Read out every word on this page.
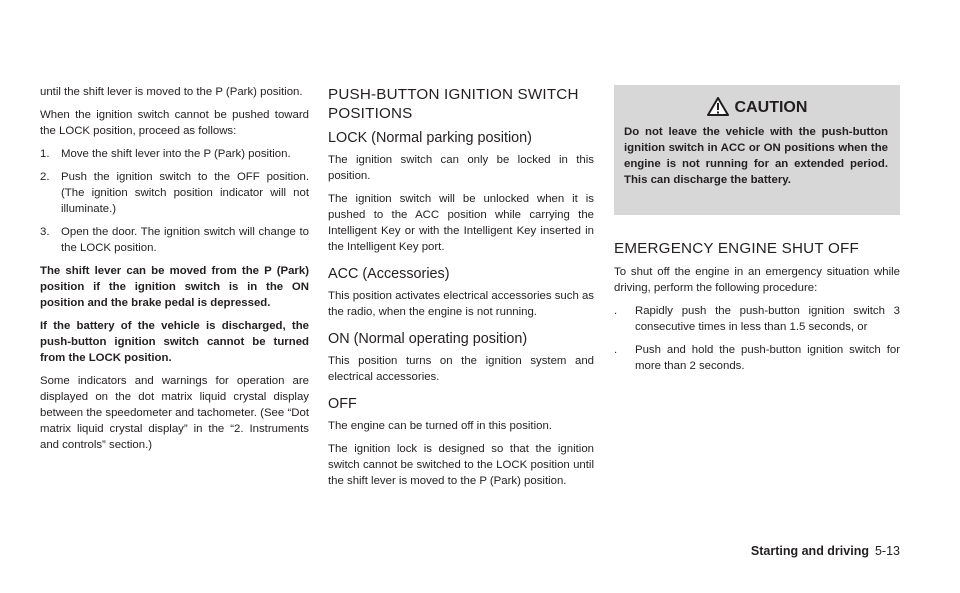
until the shift lever is moved to the P (Park) position.

When the ignition switch cannot be pushed toward the LOCK position, proceed as follows:

1. Move the shift lever into the P (Park) position.
2. Push the ignition switch to the OFF position. (The ignition switch position indicator will not illuminate.)
3. Open the door. The ignition switch will change to the LOCK position.

The shift lever can be moved from the P (Park) position if the ignition switch is in the ON position and the brake pedal is depressed.

If the battery of the vehicle is discharged, the push-button ignition switch cannot be turned from the LOCK position.

Some indicators and warnings for operation are displayed on the dot matrix liquid crystal display between the speedometer and tachometer. (See “Dot matrix liquid crystal display” in the “2. Instruments and controls” section.)

PUSH-BUTTON IGNITION SWITCH POSITIONS
LOCK (Normal parking position)

The ignition switch can only be locked in this position.

The ignition switch will be unlocked when it is pushed to the ACC position while carrying the Intelligent Key or with the Intelligent Key inserted in the Intelligent Key port.

ACC (Accessories)

This position activates electrical accessories such as the radio, when the engine is not running.

ON (Normal operating position)

This position turns on the ignition system and electrical accessories.

OFF

The engine can be turned off in this position.

The ignition lock is designed so that the ignition switch cannot be switched to the LOCK position until the shift lever is moved to the P (Park) position.

CAUTION
Do not leave the vehicle with the push-button ignition switch in ACC or ON positions when the engine is not running for an extended period. This can discharge the battery.
EMERGENCY ENGINE SHUT OFF

To shut off the engine in an emergency situation while driving, perform the following procedure:

. Rapidly push the push-button ignition switch 3 consecutive times in less than 1.5 seconds, or
. Push and hold the push-button ignition switch for more than 2 seconds.
Starting and driving 5-13
